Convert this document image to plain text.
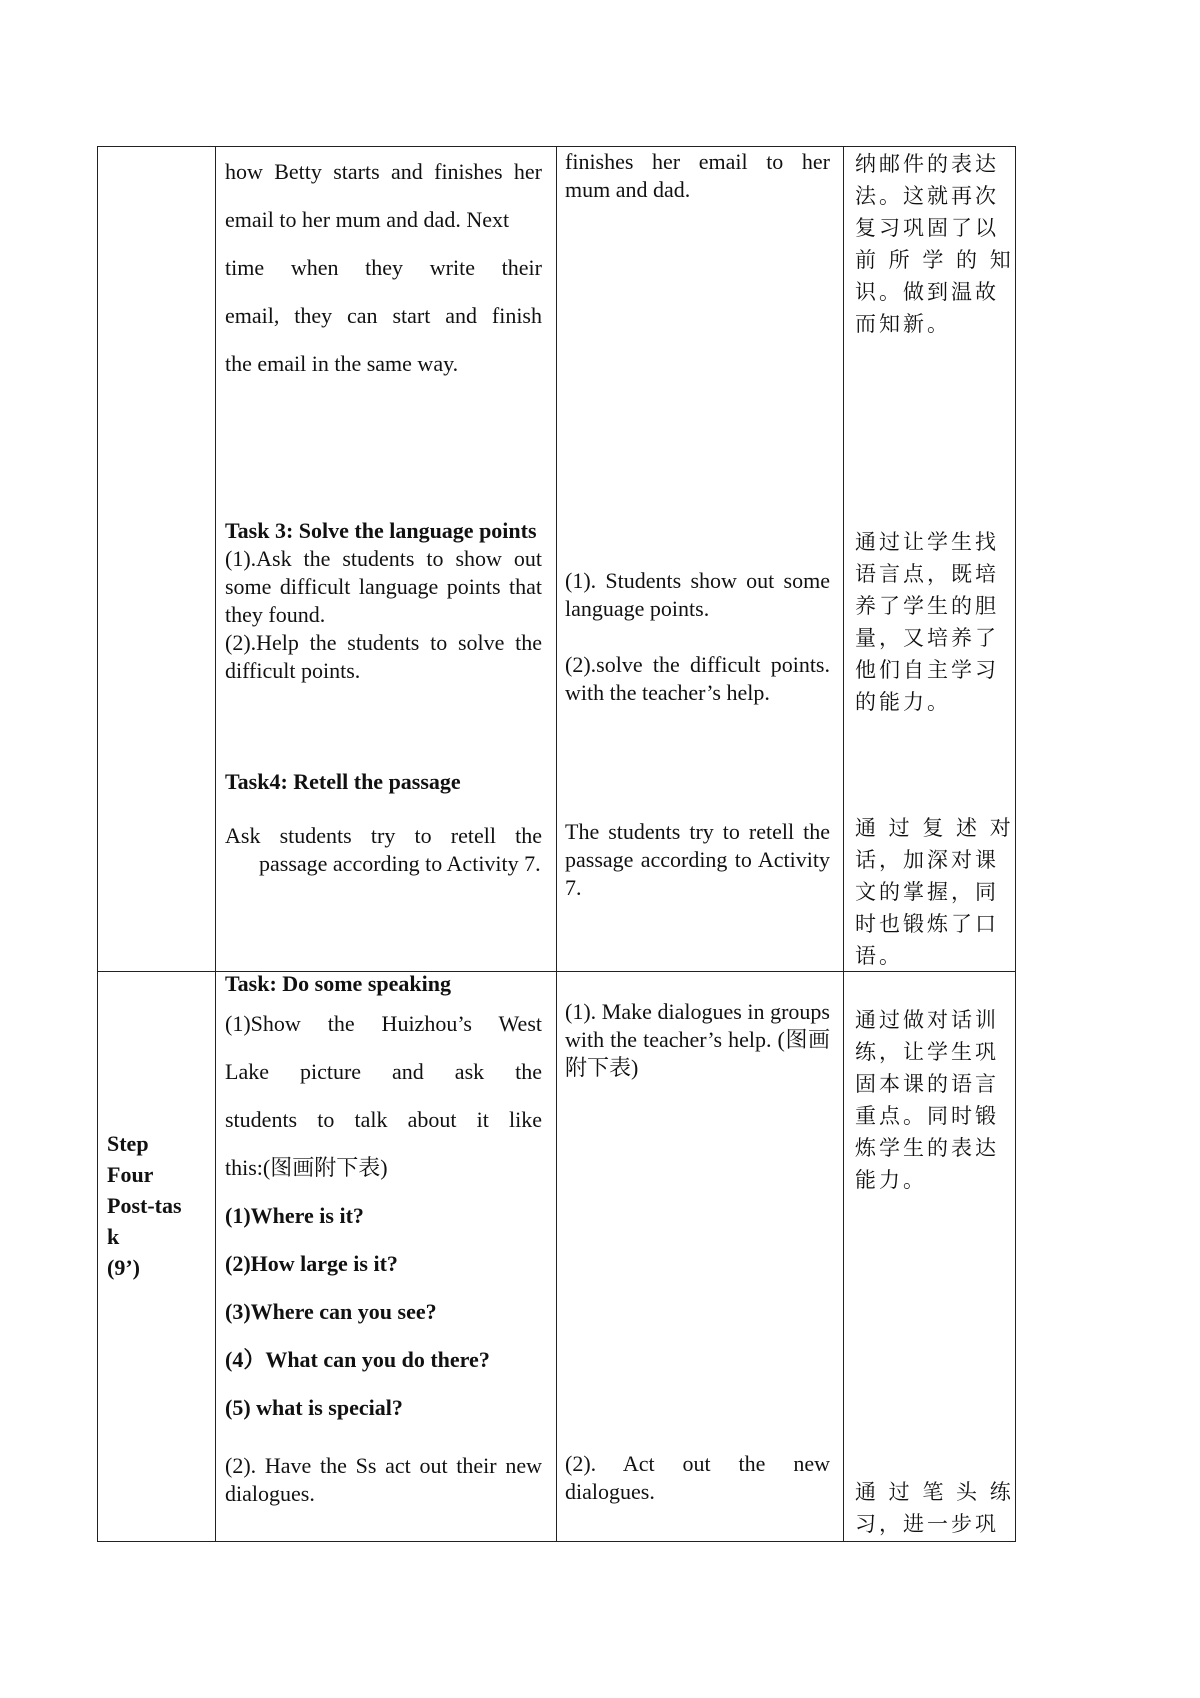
how Betty starts and finishes her
email to her mum and dad. Next
time when they write their
email, they can start and finish
the email in the same way.
finishes her email to her
mum and dad.
纳邮件的表达
法。这就再次
复习巩固了以
前 所 学 的 知
识。做到温故
而知新。
Task 3: Solve the language points
(1).Ask the students to show out some difficult language points that they found.
(2).Help the students to solve the difficult points.
(1). Students show out some language points.
(2).solve the difficult points. with the teacher’s help.
通过让学生找
语言点，既培
养了学生的胆
量，又培养了
他们自主学习
的能力。
Task4: Retell the passage
Ask students try to retell the passage according to Activity 7.
The students try to retell the passage according to Activity 7.
通 过 复 述 对
话，加深对课
文的掌握，同
时也锻炼了口
语。
Step
Four
Post-tas
k
(9’)
Task: Do some speaking
(1)Show the Huizhou’s West
Lake picture and ask the
students to talk about it like
this:(图画附下表)
(1)Where is it?
(2)How large is it?
(3)Where can you see?
(4）What can you do there?
(5) what is special?
(2). Have the Ss act out their new dialogues.
(1). Make dialogues in groups with the teacher’s help. (图画附下表)
(2). Act out the new dialogues.
通过做对话训
练，让学生巩
固本课的语言
重点。同时锻
炼学生的表达
能力。
通 过 笔 头 练
习，进一步巩
